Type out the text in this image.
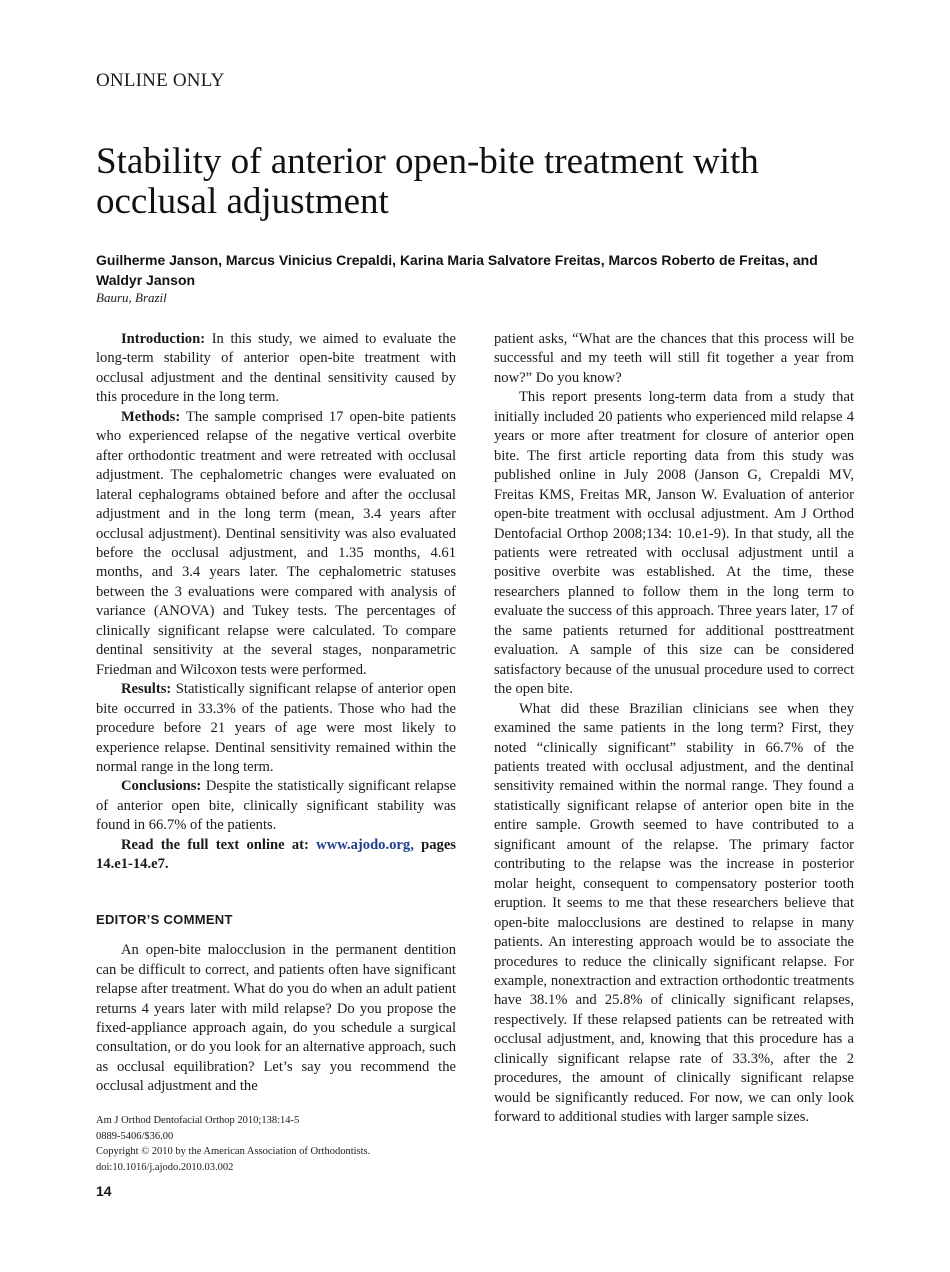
ONLINE ONLY
Stability of anterior open-bite treatment with occlusal adjustment
Guilherme Janson, Marcus Vinicius Crepaldi, Karina Maria Salvatore Freitas, Marcos Roberto de Freitas, and Waldyr Janson
Bauru, Brazil

Introduction: In this study, we aimed to evaluate the long-term stability of anterior open-bite treatment with occlusal adjustment and the dentinal sensitivity caused by this procedure in the long term.

Methods: The sample comprised 17 open-bite patients who experienced relapse of the negative vertical overbite after orthodontic treatment and were retreated with occlusal adjustment. The cephalometric changes were evaluated on lateral cephalograms obtained before and after the occlusal adjustment and in the long term (mean, 3.4 years after occlusal adjustment). Dentinal sensitivity was also evaluated before the occlusal adjustment, and 1.35 months, 4.61 months, and 3.4 years later. The cephalometric statuses between the 3 evaluations were compared with analysis of variance (ANOVA) and Tukey tests. The percentages of clinically significant relapse were calculated. To compare dentinal sensitivity at the several stages, nonparametric Friedman and Wilcoxon tests were performed.

Results: Statistically significant relapse of anterior open bite occurred in 33.3% of the patients. Those who had the procedure before 21 years of age were most likely to experience relapse. Dentinal sensitivity remained within the normal range in the long term.

Conclusions: Despite the statistically significant relapse of anterior open bite, clinically significant stability was found in 66.7% of the patients.

Read the full text online at: www.ajodo.org, pages 14.e1-14.e7.

EDITOR’S COMMENT

An open-bite malocclusion in the permanent dentition can be difficult to correct, and patients often have significant relapse after treatment. What do you do when an adult patient returns 4 years later with mild relapse? Do you propose the fixed-appliance approach again, do you schedule a surgical consultation, or do you look for an alternative approach, such as occlusal equilibration? Let’s say you recommend the occlusal adjustment and the

patient asks, “What are the chances that this process will be successful and my teeth will still fit together a year from now?” Do you know?

This report presents long-term data from a study that initially included 20 patients who experienced mild relapse 4 years or more after treatment for closure of anterior open bite. The first article reporting data from this study was published online in July 2008 (Janson G, Crepaldi MV, Freitas KMS, Freitas MR, Janson W. Evaluation of anterior open-bite treatment with occlusal adjustment. Am J Orthod Dentofacial Orthop 2008;134: 10.e1-9). In that study, all the patients were retreated with occlusal adjustment until a positive overbite was established. At the time, these researchers planned to follow them in the long term to evaluate the success of this approach. Three years later, 17 of the same patients returned for additional posttreatment evaluation. A sample of this size can be considered satisfactory because of the unusual procedure used to correct the open bite.

What did these Brazilian clinicians see when they examined the same patients in the long term? First, they noted “clinically significant” stability in 66.7% of the patients treated with occlusal adjustment, and the dentinal sensitivity remained within the normal range. They found a statistically significant relapse of anterior open bite in the entire sample. Growth seemed to have contributed to a significant amount of the relapse. The primary factor contributing to the relapse was the increase in posterior molar height, consequent to compensatory posterior tooth eruption. It seems to me that these researchers believe that open-bite malocclusions are destined to relapse in many patients. An interesting approach would be to associate the procedures to reduce the clinically significant relapse. For example, nonextraction and extraction orthodontic treatments have 38.1% and 25.8% of clinically significant relapses, respectively. If these relapsed patients can be retreated with occlusal adjustment, and, knowing that this procedure has a clinically significant relapse rate of 33.3%, after the 2 procedures, the amount of clinically significant relapse would be significantly reduced. For now, we can only look forward to additional studies with larger sample sizes.

Am J Orthod Dentofacial Orthop 2010;138:14-5
0889-5406/$36.00
Copyright © 2010 by the American Association of Orthodontists.
doi:10.1016/j.ajodo.2010.03.002
14
